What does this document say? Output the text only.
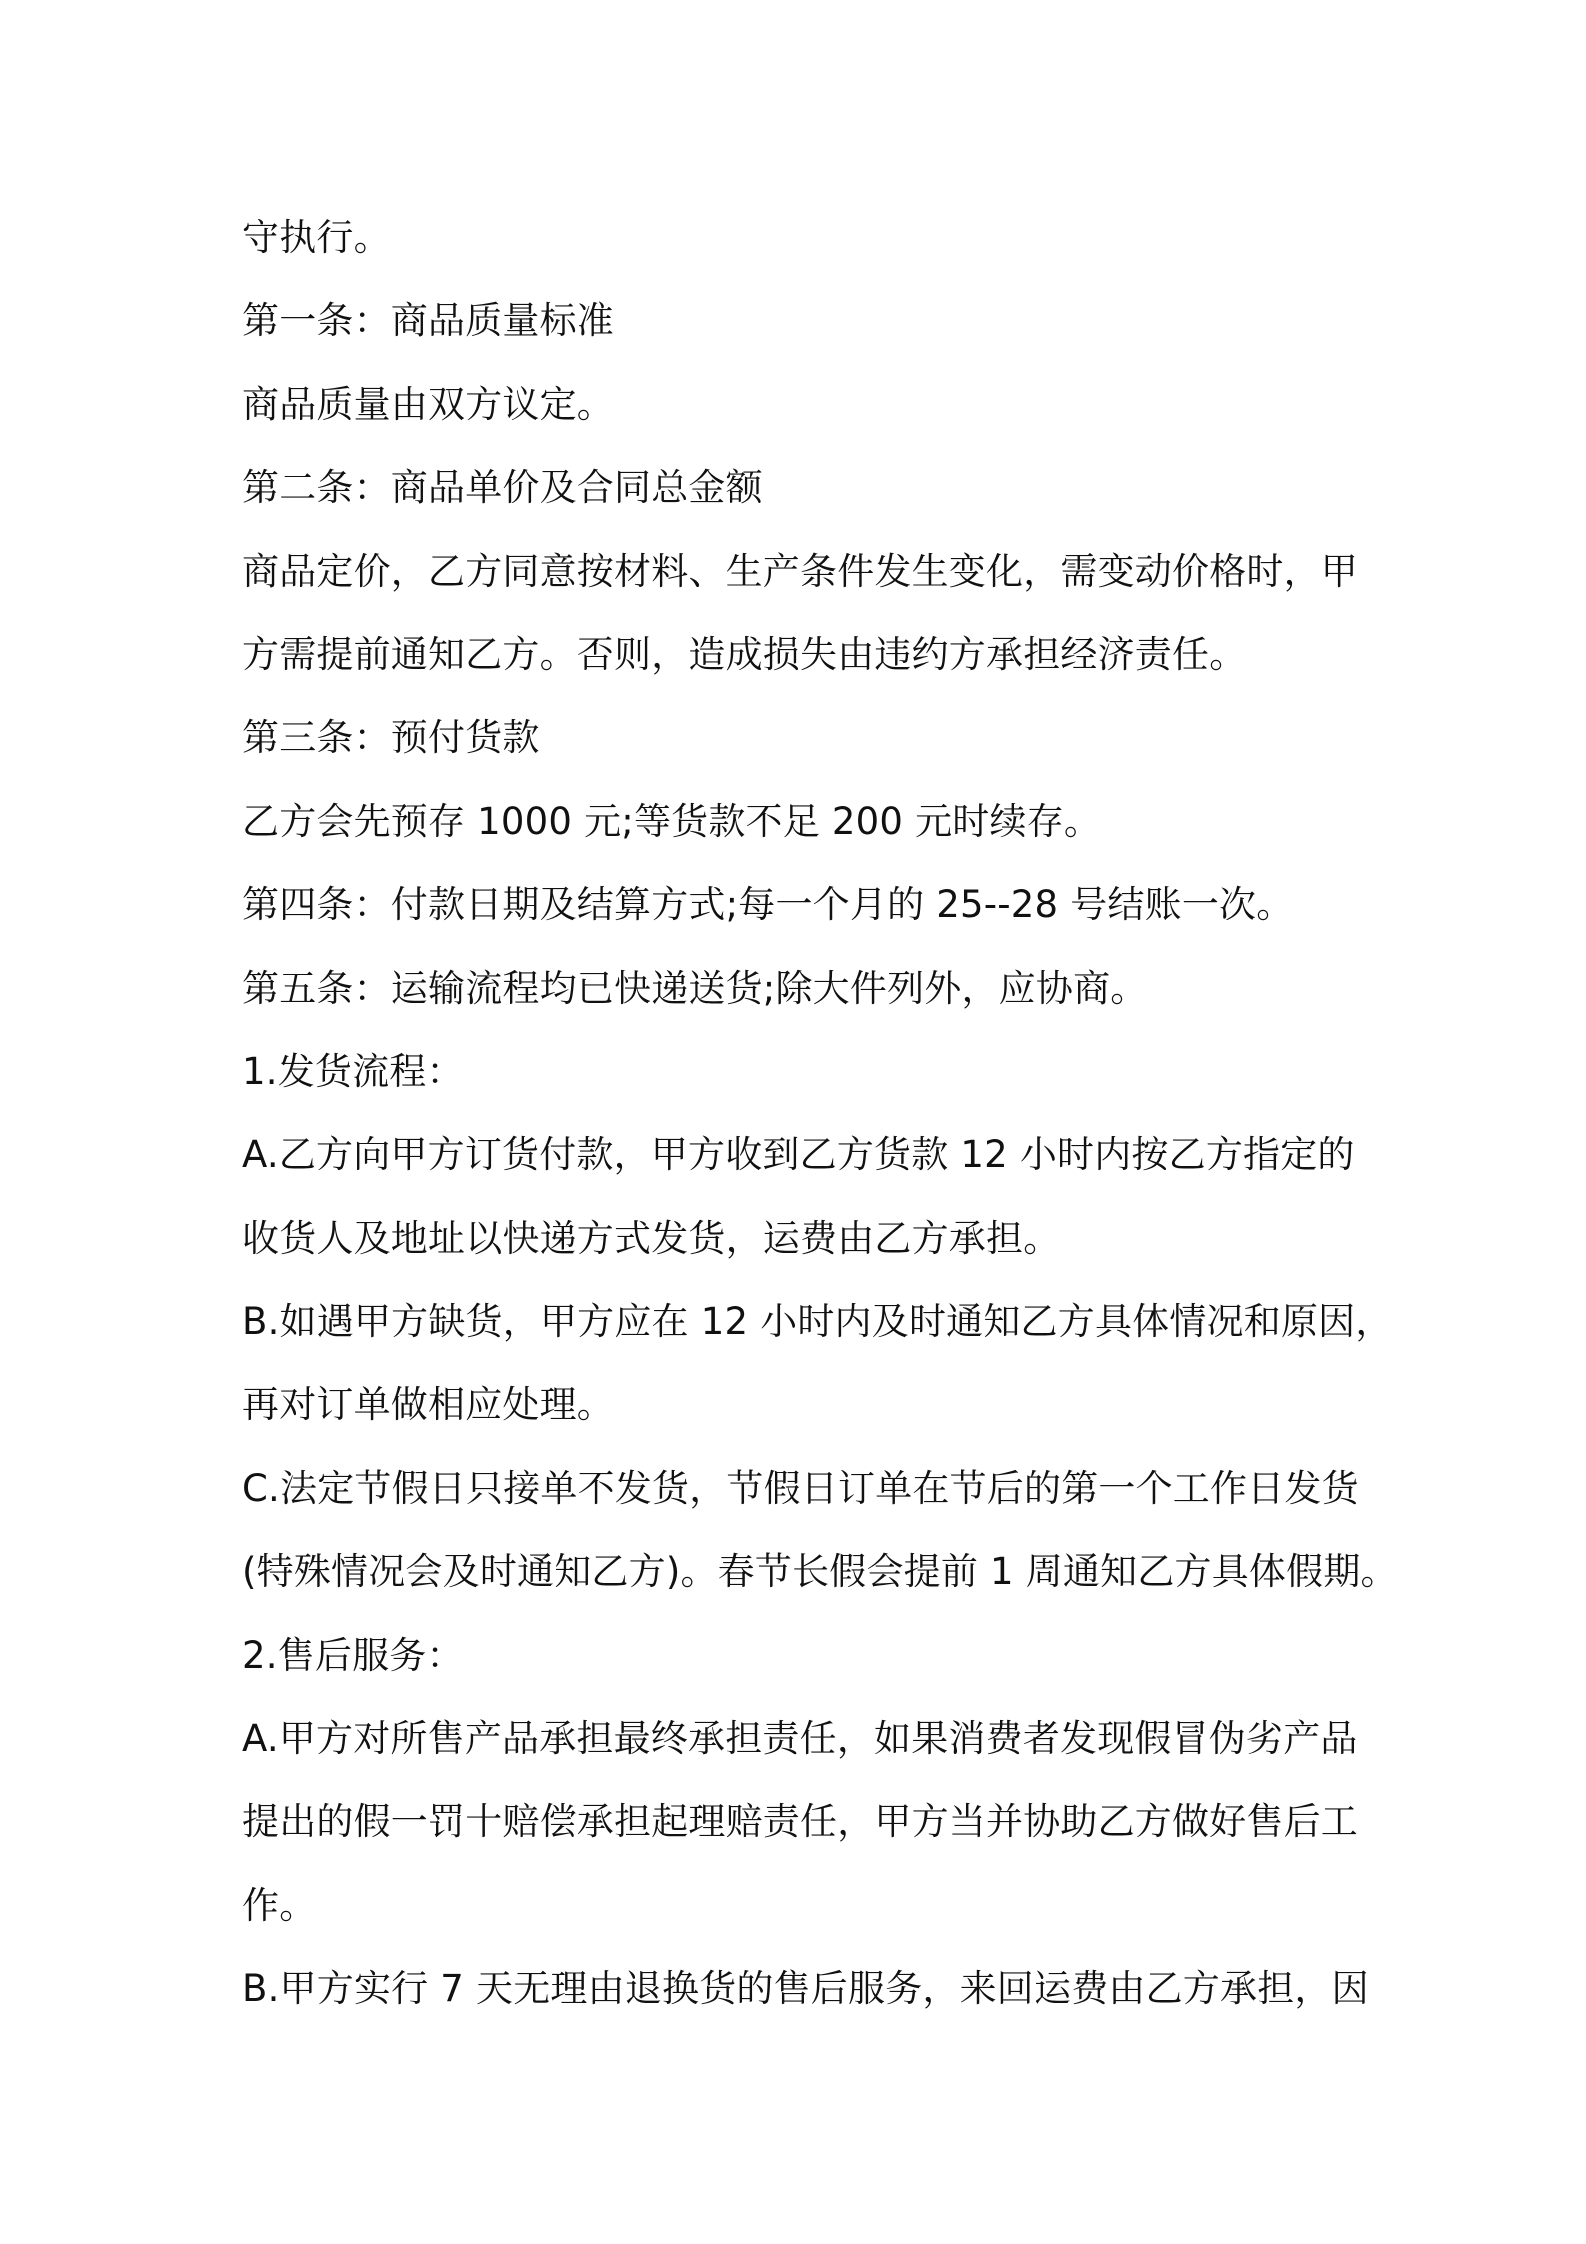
守执行。
第一条：商品质量标准
商品质量由双方议定。
第二条：商品单价及合同总金额
商品定价，乙方同意按材料、生产条件发生变化，需变动价格时，甲
方需提前通知乙方。否则，造成损失由违约方承担经济责任。
第三条：预付货款
乙方会先预存 1000 元;等货款不足 200 元时续存。
第四条：付款日期及结算方式;每一个月的 25--28 号结账一次。
第五条：运输流程均已快递送货;除大件列外，应协商。
1.发货流程：
A.乙方向甲方订货付款，甲方收到乙方货款 12 小时内按乙方指定的
收货人及地址以快递方式发货，运费由乙方承担。
B.如遇甲方缺货，甲方应在 12 小时内及时通知乙方具体情况和原因，
再对订单做相应处理。
C.法定节假日只接单不发货，节假日订单在节后的第一个工作日发货
(特殊情况会及时通知乙方)。春节长假会提前 1 周通知乙方具体假期。
2.售后服务：
A.甲方对所售产品承担最终承担责任，如果消费者发现假冒伪劣产品
提出的假一罚十赔偿承担起理赔责任，甲方当并协助乙方做好售后工
作。
B.甲方实行 7 天无理由退换货的售后服务，来回运费由乙方承担，因
